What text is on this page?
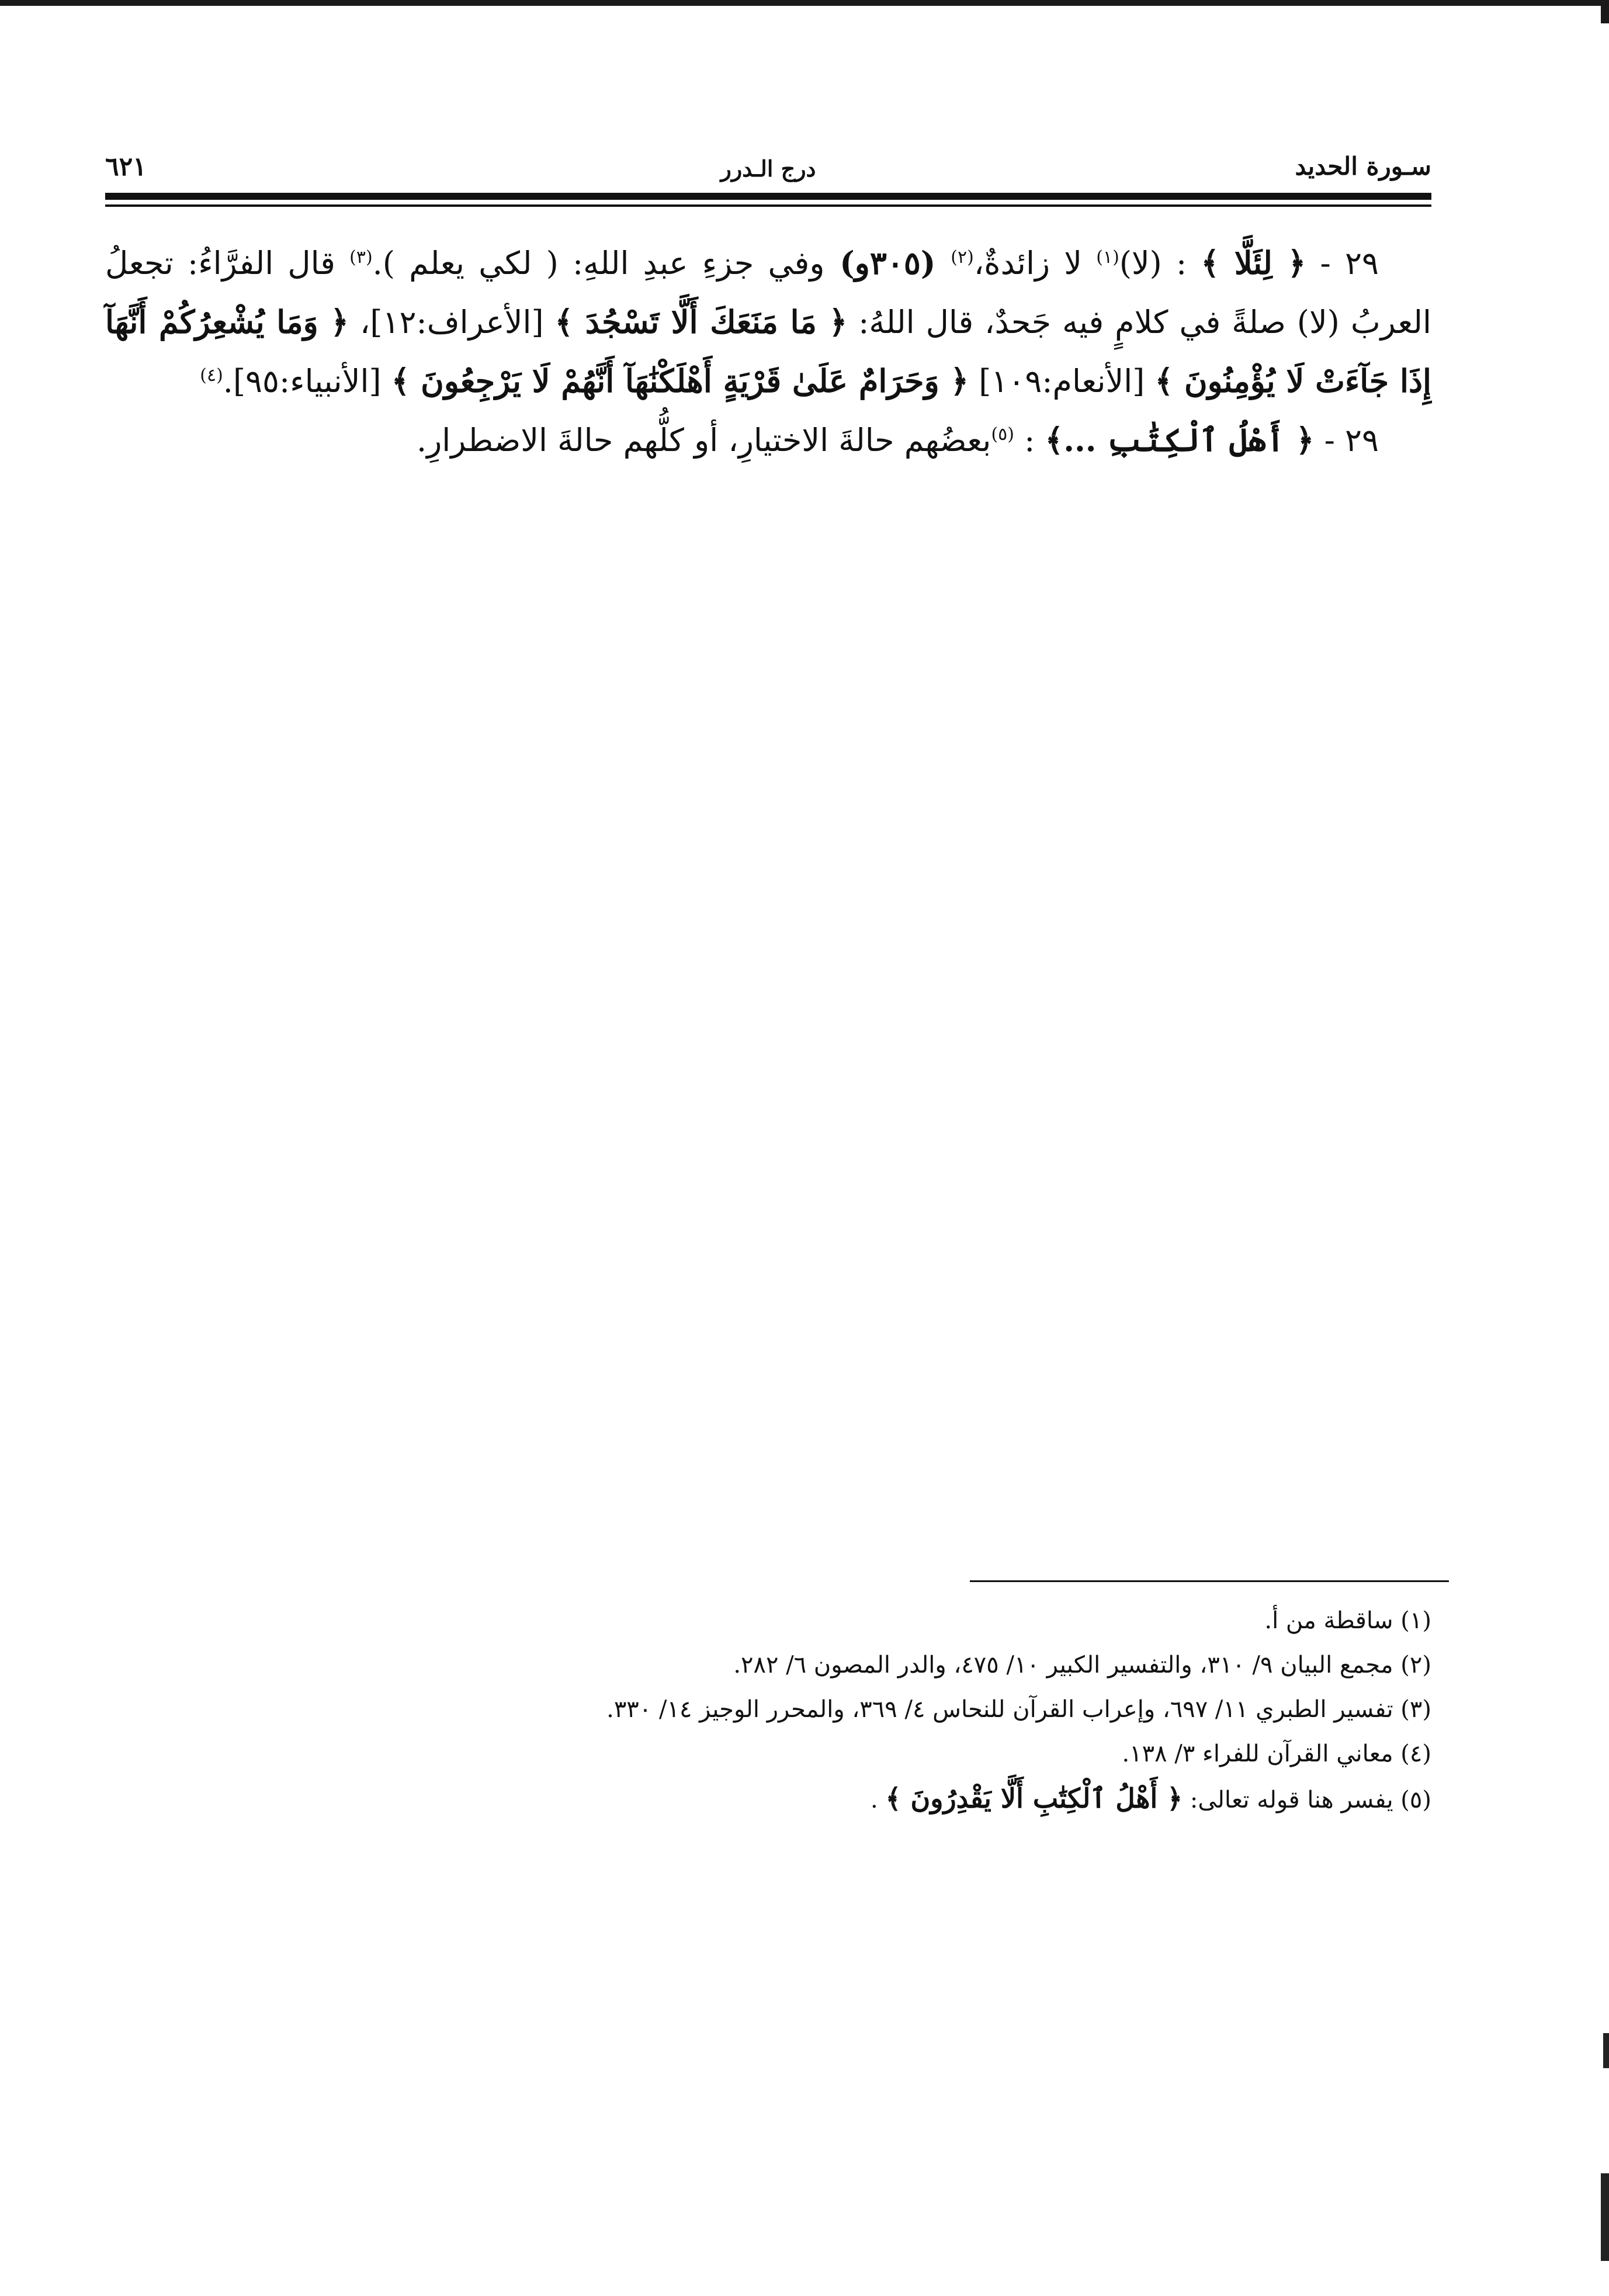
سـورة الحديد
درج الـدرر
٦٢١

٢٩ - ﴿ لِئَلَّا ﴾ : (لا)$^{(١)}$ لا زائدةٌ،$^{(٢)}$ (٣٠٥و) وفي جزءِ عبدِ اللهِ: ( لكي يعلم ).$^{(٣)}$ قال الفرَّاءُ: تجعلُ العربُ (لا) صلةً في كلامٍ فيه جَحدٌ، قال اللهُ: ﴿ مَا مَنَعَكَ أَلَّا تَسْجُدَ ﴾ [الأعراف:١٢]، ﴿ وَمَا يُشْعِرُكُمْ أَنَّهَآ إِذَا جَآءَتْ لَا يُؤْمِنُونَ ﴾ [الأنعام:١٠٩] ﴿ وَحَرَامٌ عَلَىٰ قَرْيَةٍ أَهْلَكْنَٰهَآ أَنَّهُمْ لَا يَرْجِعُونَ ﴾ [الأنبياء:٩٥].$^{(٤)}$

٢٩ - ﴿ أَهْلُ ٱلْكِتَٰبِ ...﴾ : $^{(٥)}$بعضُهم حالةَ الاختيارِ، أو كلُّهم حالةَ الاضطرارِ.

(١) ساقطة من أ.

(٢) مجمع البيان ٩/ ٣١٠، والتفسير الكبير ١٠/ ٤٧٥، والدر المصون ٦/ ٢٨٢.

(٣) تفسير الطبري ١١/ ٦٩٧، وإعراب القرآن للنحاس ٤/ ٣٦٩، والمحرر الوجيز ١٤/ ٣٣٠.

(٤) معاني القرآن للفراء ٣/ ١٣٨.

(٥) يفسر هنا قوله تعالى: ﴿ أَهْلُ ٱلْكِتَٰبِ أَلَّا يَقْدِرُونَ ﴾ .
